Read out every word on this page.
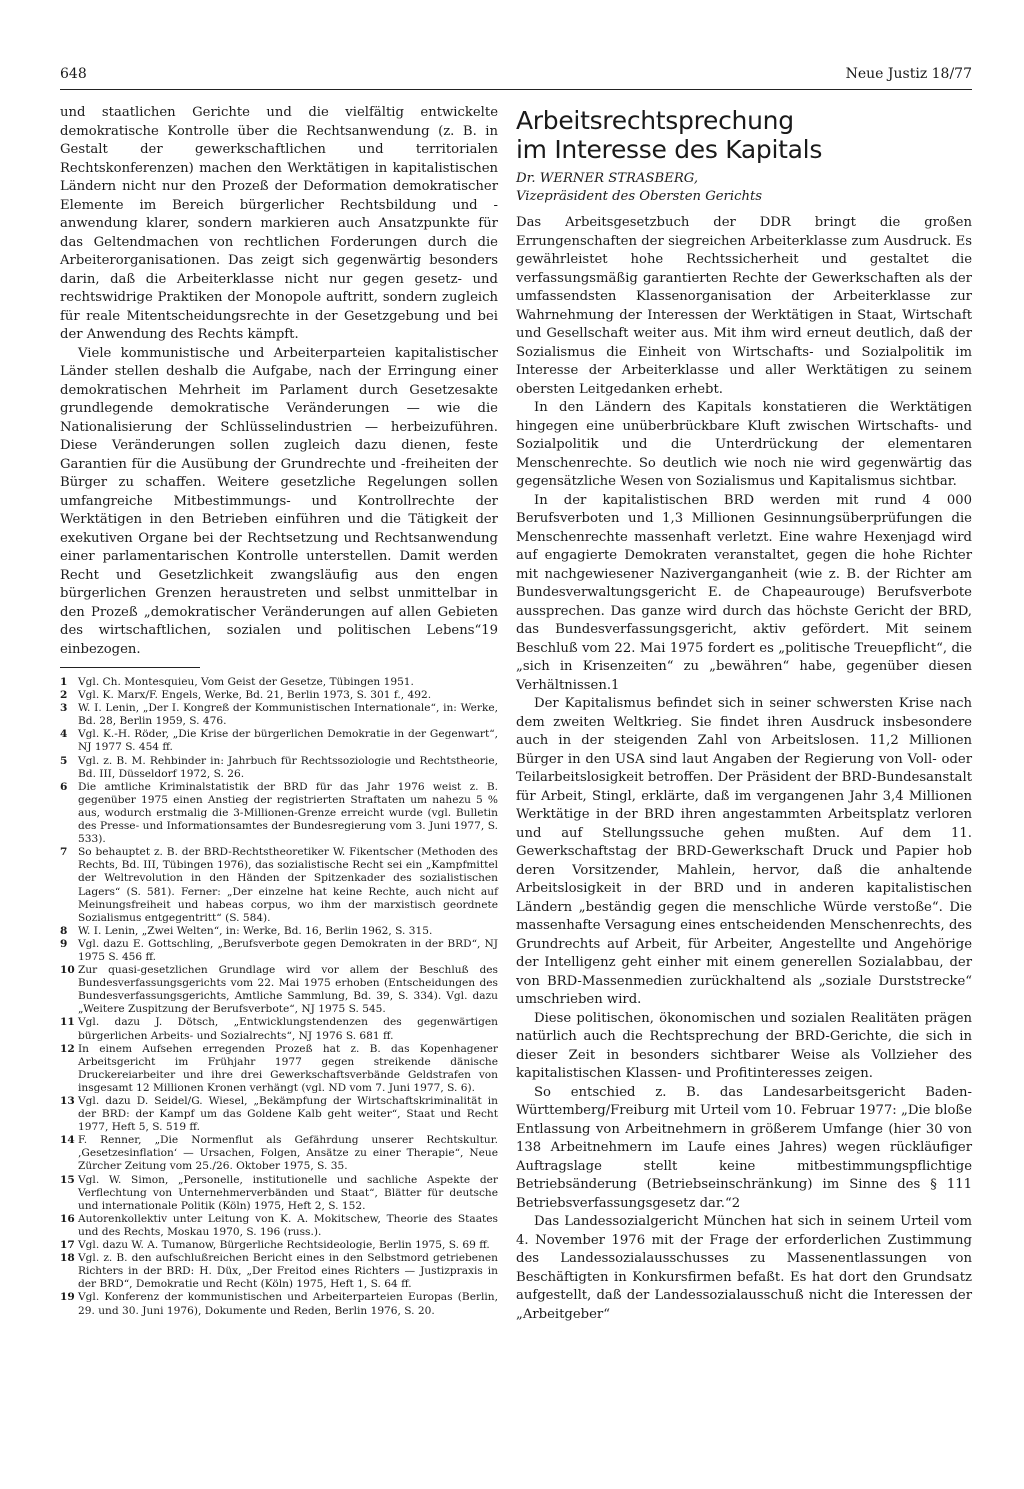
648	Neue Justiz 18/77

und staatlichen Gerichte und die vielfältig entwickelte demokratische Kontrolle über die Rechtsanwendung (z. B. in Gestalt der gewerkschaftlichen und territorialen Rechtskonferenzen) machen den Werktätigen in kapitalistischen Ländern nicht nur den Prozeß der Deformation demokratischer Elemente im Bereich bürgerlicher Rechtsbildung und -anwendung klarer, sondern markieren auch Ansatzpunkte für das Geltendmachen von rechtlichen Forderungen durch die Arbeiterorganisationen. Das zeigt sich gegenwärtig besonders darin, daß die Arbeiterklasse nicht nur gegen gesetz- und rechtswidrige Praktiken der Monopole auftritt, sondern zugleich für reale Mitentscheidungsrechte in der Gesetzgebung und bei der Anwendung des Rechts kämpft.

Viele kommunistische und Arbeiterparteien kapitalistischer Länder stellen deshalb die Aufgabe, nach der Erringung einer demokratischen Mehrheit im Parlament durch Gesetzesakte grundlegende demokratische Veränderungen — wie die Nationalisierung der Schlüsselindustrien — herbeizuführen. Diese Veränderungen sollen zugleich dazu dienen, feste Garantien für die Ausübung der Grundrechte und -freiheiten der Bürger zu schaffen. Weitere gesetzliche Regelungen sollen umfangreiche Mitbestimmungs- und Kontrollrechte der Werktätigen in den Betrieben einführen und die Tätigkeit der exekutiven Organe bei der Rechtsetzung und Rechtsanwendung einer parlamentarischen Kontrolle unterstellen. Damit werden Recht und Gesetzlichkeit zwangsläufig aus den engen bürgerlichen Grenzen heraustreten und selbst unmittelbar in den Prozeß „demokratischer Veränderungen auf allen Gebieten des wirtschaftlichen, sozialen und politischen Lebens“19 einbezogen.

1	Vgl. Ch. Montesquieu, Vom Geist der Gesetze, Tübingen 1951.
2	Vgl. K. Marx/F. Engels, Werke, Bd. 21, Berlin 1973, S. 301 f., 492.
3	W. I. Lenin, „Der I. Kongreß der Kommunistischen Internationale“, in: Werke, Bd. 28, Berlin 1959, S. 476.
4	Vgl. K.-H. Röder, „Die Krise der bürgerlichen Demokratie in der Gegenwart“, NJ 1977 S. 454 ff.
5	Vgl. z. B. M. Rehbinder in: Jahrbuch für Rechtssoziologie und Rechtstheorie, Bd. III, Düsseldorf 1972, S. 26.
6	Die amtliche Kriminalstatistik der BRD für das Jahr 1976 weist z. B. gegenüber 1975 einen Anstieg der registrierten Straftaten um nahezu 5 % aus, wodurch erstmalig die 3-Millionen-Grenze erreicht wurde (vgl. Bulletin des Presse- und Informationsamtes der Bundesregierung vom 3. Juni 1977, S. 533).
7	So behauptet z. B. der BRD-Rechtstheoretiker W. Fikentscher (Methoden des Rechts, Bd. III, Tübingen 1976), das sozialistische Recht sei ein „Kampfmittel der Weltrevolution in den Händen der Spitzenkader des sozialistischen Lagers“ (S. 581). Ferner: „Der einzelne hat keine Rechte, auch nicht auf Meinungsfreiheit und habeas corpus, wo ihm der marxistisch geordnete Sozialismus entgegentritt“ (S. 584).
8	W. I. Lenin, „Zwei Welten“, in: Werke, Bd. 16, Berlin 1962, S. 315.
9	Vgl. dazu E. Gottschling, „Berufsverbote gegen Demokraten in der BRD“, NJ 1975 S. 456 ff.
10 Zur quasi-gesetzlichen Grundlage wird vor allem der Beschluß des Bundesverfassungsgerichts vom 22. Mai 1975 erhoben (Entscheidungen des Bundesverfassungsgerichts, Amtliche Sammlung, Bd. 39, S. 334). Vgl. dazu „Weitere Zuspitzung der Berufsverbote“, NJ 1975 S. 545.
11 Vgl. dazu J. Dötsch, „Entwicklungstendenzen des gegenwärtigen bürgerlichen Arbeits- und Sozialrechts“, NJ 1976 S. 681 ff.
12 In einem Aufsehen erregenden Prozeß hat z. B. das Kopenhagener Arbeitsgericht im Frühjahr 1977 gegen streikende dänische Druckereiarbeiter und ihre drei Gewerkschaftsverbände Geldstrafen von insgesamt 12 Millionen Kronen verhängt (vgl. ND vom 7. Juni 1977, S. 6).
13 Vgl. dazu D. Seidel/G. Wiesel, „Bekämpfung der Wirtschaftskriminalität in der BRD: der Kampf um das Goldene Kalb geht weiter“, Staat und Recht 1977, Heft 5, S. 519 ff.
14 F. Renner, „Die Normenflut als Gefährdung unserer Rechtskultur. ‚Gesetzesinflation‘ — Ursachen, Folgen, Ansätze zu einer Therapie“, Neue Zürcher Zeitung vom 25./26. Oktober 1975, S. 35.
15 Vgl. W. Simon, „Personelle, institutionelle und sachliche Aspekte der Verflechtung von Unternehmerverbänden und Staat“, Blätter für deutsche und internationale Politik (Köln) 1975, Heft 2, S. 152.
16 Autorenkollektiv unter Leitung von K. A. Mokitschew, Theorie des Staates und des Rechts, Moskau 1970, S. 196 (russ.).
17 Vgl. dazu W. A. Tumanow, Bürgerliche Rechtsideologie, Berlin 1975, S. 69 ff.
18 Vgl. z. B. den aufschlußreichen Bericht eines in den Selbstmord getriebenen Richters in der BRD: H. Düx, „Der Freitod eines Richters — Justizpraxis in der BRD“, Demokratie und Recht (Köln) 1975, Heft 1, S. 64 ff.
19 Vgl. Konferenz der kommunistischen und Arbeiterparteien Europas (Berlin, 29. und 30. Juni 1976), Dokumente und Reden, Berlin 1976, S. 20.
Arbeitsrechtsprechung
im Interesse des Kapitals
Dr. WERNER STRASBERG,
Vizepräsident des Obersten Gerichts

Das Arbeitsgesetzbuch der DDR bringt die großen Errungenschaften der siegreichen Arbeiterklasse zum Ausdruck. Es gewährleistet hohe Rechtssicherheit und gestaltet die verfassungsmäßig garantierten Rechte der Gewerkschaften als der umfassendsten Klassenorganisation der Arbeiterklasse zur Wahrnehmung der Interessen der Werktätigen in Staat, Wirtschaft und Gesellschaft weiter aus. Mit ihm wird erneut deutlich, daß der Sozialismus die Einheit von Wirtschafts- und Sozialpolitik im Interesse der Arbeiterklasse und aller Werktätigen zu seinem obersten Leitgedanken erhebt.

In den Ländern des Kapitals konstatieren die Werktätigen hingegen eine unüberbrückbare Kluft zwischen Wirtschafts- und Sozialpolitik und die Unterdrückung der elementaren Menschenrechte. So deutlich wie noch nie wird gegenwärtig das gegensätzliche Wesen von Sozialismus und Kapitalismus sichtbar.

In der kapitalistischen BRD werden mit rund 4 000 Berufsverboten und 1,3 Millionen Gesinnungsüberprüfungen die Menschenrechte massenhaft verletzt. Eine wahre Hexenjagd wird auf engagierte Demokraten veranstaltet, gegen die hohe Richter mit nachgewiesener Naziverganganheit (wie z. B. der Richter am Bundesverwaltungsgericht E. de Chapeaurouge) Berufsverbote aussprechen. Das ganze wird durch das höchste Gericht der BRD, das Bundesverfassungsgericht, aktiv gefördert. Mit seinem Beschluß vom 22. Mai 1975 fordert es „politische Treuepflicht“, die „sich in Krisenzeiten“ zu „bewähren“ habe, gegenüber diesen Verhältnissen.1

Der Kapitalismus befindet sich in seiner schwersten Krise nach dem zweiten Weltkrieg. Sie findet ihren Ausdruck insbesondere auch in der steigenden Zahl von Arbeitslosen. 11,2 Millionen Bürger in den USA sind laut Angaben der Regierung von Voll- oder Teilarbeitslosigkeit betroffen. Der Präsident der BRD-Bundesanstalt für Arbeit, Stingl, erklärte, daß im vergangenen Jahr 3,4 Millionen Werktätige in der BRD ihren angestammten Arbeitsplatz verloren und auf Stellungssuche gehen mußten. Auf dem 11. Gewerkschaftstag der BRD-Gewerkschaft Druck und Papier hob deren Vorsitzender, Mahlein, hervor, daß die anhaltende Arbeitslosigkeit in der BRD und in anderen kapitalistischen Ländern „beständig gegen die menschliche Würde verstoße“. Die massenhafte Versagung eines entscheidenden Menschenrechts, des Grundrechts auf Arbeit, für Arbeiter, Angestellte und Angehörige der Intelligenz geht einher mit einem generellen Sozialabbau, der von BRD-Massenmedien zurückhaltend als „soziale Durststrecke“ umschrieben wird.

Diese politischen, ökonomischen und sozialen Realitäten prägen natürlich auch die Rechtsprechung der BRD-Gerichte, die sich in dieser Zeit in besonders sichtbarer Weise als Vollzieher des kapitalistischen Klassen- und Profitinteresses zeigen.

So entschied z. B. das Landesarbeitsgericht Baden-Württemberg/Freiburg mit Urteil vom 10. Februar 1977: „Die bloße Entlassung von Arbeitnehmern in größerem Umfange (hier 30 von 138 Arbeitnehmern im Laufe eines Jahres) wegen rückläufiger Auftragslage stellt keine mitbestimmungspflichtige Betriebsänderung (Betriebseinschränkung) im Sinne des § 111 Betriebsverfassungsgesetz dar.“2

Das Landessozialgericht München hat sich in seinem Urteil vom 4. November 1976 mit der Frage der erforderlichen Zustimmung des Landessozialausschusses zu Massenentlassungen von Beschäftigten in Konkursfirmen befaßt. Es hat dort den Grundsatz aufgestellt, daß der Landessozialausschuß nicht die Interessen der „Arbeitgeber“
